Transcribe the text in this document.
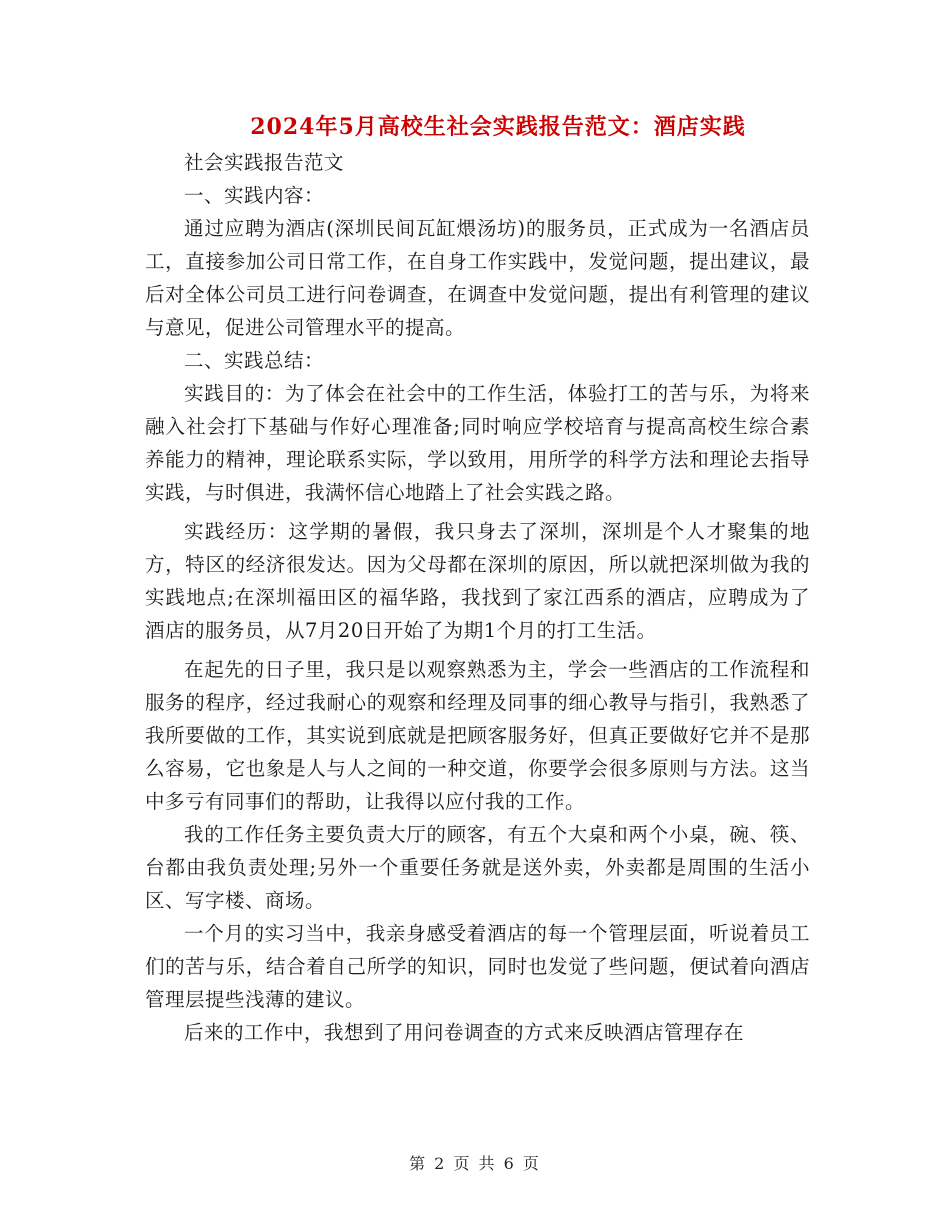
2024年5月高校生社会实践报告范文：酒店实践

社会实践报告范文

一、实践内容：

通过应聘为酒店(深圳民间瓦缸煨汤坊)的服务员，正式成为一名酒店员工，直接参加公司日常工作，在自身工作实践中，发觉问题，提出建议，最后对全体公司员工进行问卷调查，在调查中发觉问题，提出有利管理的建议与意见，促进公司管理水平的提高。

二、实践总结：

实践目的：为了体会在社会中的工作生活，体验打工的苦与乐，为将来融入社会打下基础与作好心理准备;同时响应学校培育与提高高校生综合素养能力的精神，理论联系实际，学以致用，用所学的科学方法和理论去指导实践，与时俱进，我满怀信心地踏上了社会实践之路。

实践经历：这学期的暑假，我只身去了深圳，深圳是个人才聚集的地方，特区的经济很发达。因为父母都在深圳的原因，所以就把深圳做为我的实践地点;在深圳福田区的福华路，我找到了家江西系的酒店，应聘成为了酒店的服务员，从7月20日开始了为期1个月的打工生活。

在起先的日子里，我只是以观察熟悉为主，学会一些酒店的工作流程和服务的程序，经过我耐心的观察和经理及同事的细心教导与指引，我熟悉了我所要做的工作，其实说到底就是把顾客服务好，但真正要做好它并不是那么容易，它也象是人与人之间的一种交道，你要学会很多原则与方法。这当中多亏有同事们的帮助，让我得以应付我的工作。

我的工作任务主要负责大厅的顾客，有五个大桌和两个小桌，碗、筷、台都由我负责处理;另外一个重要任务就是送外卖，外卖都是周围的生活小区、写字楼、商场。

一个月的实习当中，我亲身感受着酒店的每一个管理层面，听说着员工们的苦与乐，结合着自己所学的知识，同时也发觉了些问题，便试着向酒店管理层提些浅薄的建议。

后来的工作中，我想到了用问卷调查的方式来反映酒店管理存在

第 2 页 共 6 页
